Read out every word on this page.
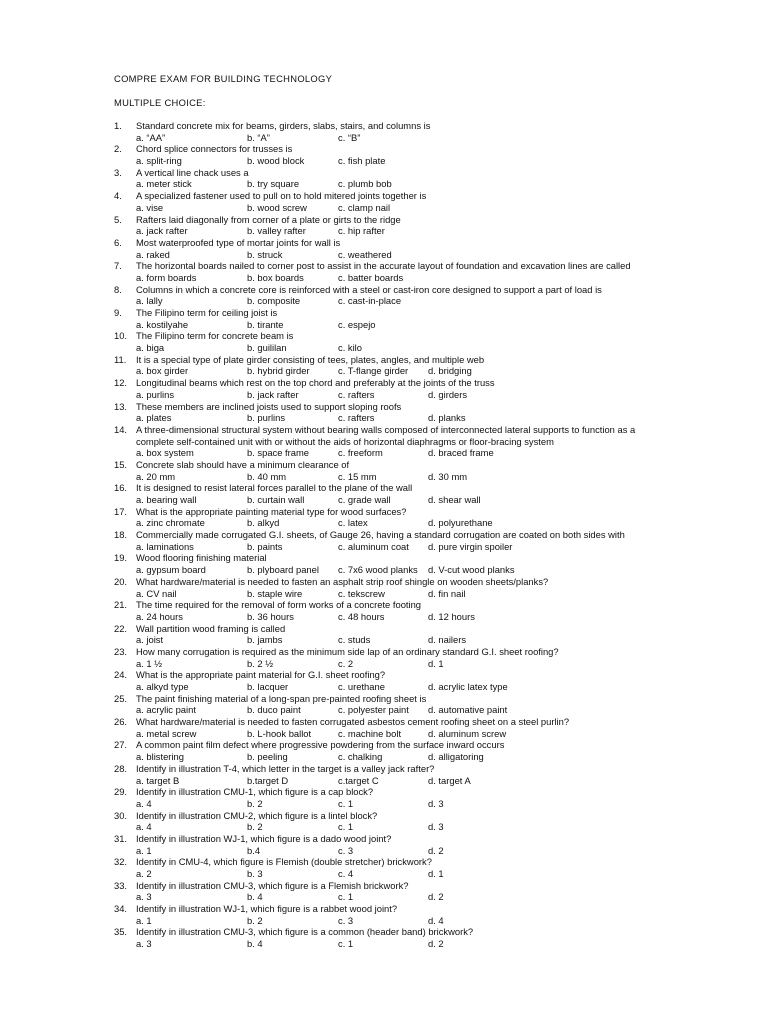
COMPRE EXAM FOR BUILDING TECHNOLOGY
MULTIPLE CHOICE:
1.	Standard concrete mix for beams, girders, slabs, stairs, and columns is
a. “AA”	b. “A”	c. “B”
2.	Chord splice connectors for trusses is
a. split-ring	b. wood block	c. fish plate
3.	A vertical line chack uses a
a. meter stick	b. try square	c. plumb bob
4.	A specialized fastener used to pull on to hold mitered joints together is
a. vise	b. wood screw	c. clamp nail
5.	Rafters laid diagonally from corner of a plate or girts to the ridge
a. jack rafter	b. valley rafter	c. hip rafter
6.	Most waterproofed type of mortar joints for wall is
a. raked	b. struck	c. weathered
7.	The horizontal boards nailed to corner post to assist in the accurate layout of foundation and excavation lines are called
a. form boards	b. box boards	c. batter boards
8.	Columns in which a concrete core is reinforced with a steel or cast-iron core designed to support a part of load is
a. lally	b. composite	c. cast-in-place
9.	The Filipino term for ceiling joist is
a. kostilyahe	b. tirante	c. espejo
10. The Filipino term for concrete beam is
a. biga	b. guililan	c. kilo
11.	It is a special type of plate girder consisting of tees, plates, angles, and multiple web
a. box girder	b. hybrid girder	c. T-flange girder d. bridging
12. Longitudinal beams which rest on the top chord and preferably at the joints of the truss
a. purlins	b. jack rafter	c. rafters	d. girders
13. These members are inclined joists used to support sloping roofs
a. plates	b. purlins	c. rafters	d. planks
14. A three-dimensional structural system without bearing walls composed of interconnected lateral supports to function as a
complete self-contained unit with or without the aids of horizontal diaphragms or floor-bracing system
a. box system	b. space frame	c. freeform	d. braced frame
15. Concrete slab should have a minimum clearance of
a. 20 mm	b. 40 mm	c. 15 mm	d. 30 mm
16. It is designed to resist lateral forces parallel to the plane of the wall
a. bearing wall	b. curtain wall	c. grade wall	d. shear wall
17. What is the appropriate painting material type for wood surfaces?
a. zinc chromate	b. alkyd	c. latex	d. polyurethane
18. Commercially made corrugated G.I. sheets, of Gauge 26, having a standard corrugation are coated on both sides with
a. laminations	b. paints	c. aluminum coat d. pure virgin spoiler
19. Wood flooring finishing material
a. gypsum board	b. plyboard panel c. 7x6 wood planks d. V-cut wood planks
20. What hardware/material is needed to fasten an asphalt strip roof shingle on wooden sheets/planks?
a. CV nail	b. staple wire	c. tekscrew	d. fin nail
21. The time required for the removal of form works of a concrete footing
a. 24 hours	b. 36 hours	c. 48 hours	d. 12 hours
22. Wall partition wood framing is called
a. joist	b. jambs	c. studs	d. nailers
23. How many corrugation is required as the minimum side lap of an ordinary standard G.I. sheet roofing?
a. 1 ½	b. 2 ½	c. 2	d. 1
24. What is the appropriate paint material for G.I. sheet roofing?
a. alkyd type	b. lacquer	c. urethane	d. acrylic latex type
25. The paint finishing material of a long-span pre-painted roofing sheet is
a. acrylic paint	b. duco paint	c. polyester paint d. automative paint
26. What hardware/material is needed to fasten corrugated asbestos cement roofing sheet on a steel purlin?
a. metal screw	b. L-hook ballot	c. machine bolt	d. aluminum screw
27. A common paint film defect where progressive powdering from the surface inward occurs
a. blistering	b. peeling	c. chalking	d. alligatoring
28. Identify in illustration T-4, which letter in the target is a valley jack rafter?
a. target B	b.target D	c.target C	d. target A
29. Identify in illustration CMU-1, which figure is a cap block?
a. 4	b. 2	c. 1	d. 3
30. Identify in illustration CMU-2, which figure is a lintel block?
a. 4	b. 2	c. 1	d. 3
31. Identify in illustration WJ-1, which figure is a dado wood joint?
a. 1	b.4	c. 3	d. 2
32. Identify in CMU-4, which figure is Flemish (double stretcher) brickwork?
a. 2	b. 3	c. 4	d. 1
33. Identify in illustration CMU-3, which figure is a Flemish brickwork?
a. 3	b. 4	c. 1	d. 2
34. Identify in illustration WJ-1, which figure is a rabbet wood joint?
a. 1	b. 2	c. 3	d. 4
35. Identify in illustration CMU-3, which figure is a common (header band) brickwork?
a. 3	b. 4	c. 1	d. 2
